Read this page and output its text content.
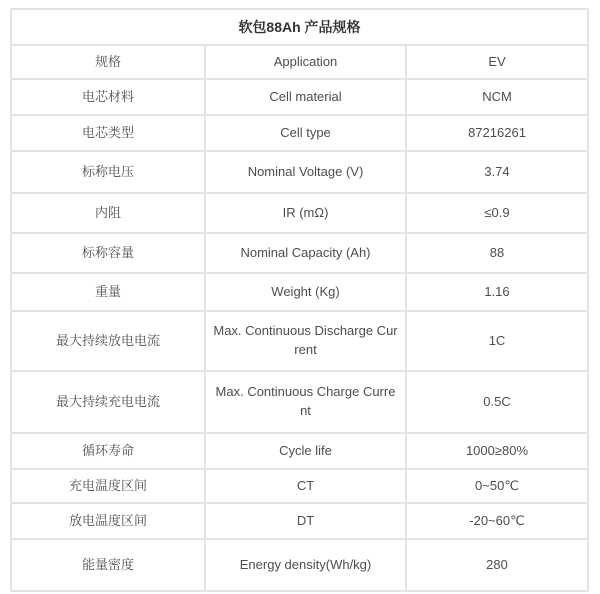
软包88Ah 产品规格		
规格	Application	EV
电芯材料	Cell material	NCM
电芯类型	Cell type	87216261
标称电压	Nominal Voltage (V)	3.74
内阻	IR (mΩ)	≤0.9
标称容量	Nominal Capacity (Ah)	88
重量	Weight (Kg)	1.16
最大持续放电电流	Max. Continuous Discharge Current	1C
最大持续充电电流	Max. Continuous Charge Current	0.5C
循环寿命	Cycle life	1000≥80%
充电温度区间	CT	0~50℃
放电温度区间	DT	-20~60℃
能量密度	Energy density(Wh/kg)	280
